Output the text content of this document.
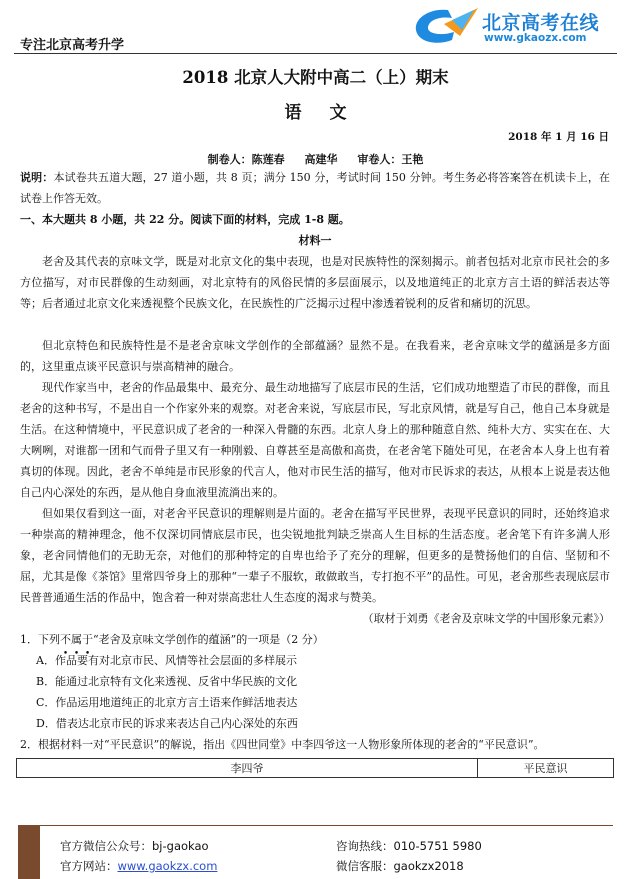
专注北京高考升学
北京高考在线
www.gkaozx.com
2018 北京人大附中高二（上）期末
语文
2018 年 1 月 16 日
制卷人：陈莲春 高建华 审卷人：王艳
说明：本试卷共五道大题，27 道小题，共 8 页；满分 150 分，考试时间 150 分钟。考生务必将答案答在机读卡上，在试卷上作答无效。
一、本大题共 8 小题，共 22 分。阅读下面的材料，完成 1-8 题。
材料一
老舍及其代表的京味文学，既是对北京文化的集中表现，也是对民族特性的深刻揭示。前者包括对北京市民社会的多方位描写，对市民群像的生动刻画，对北京特有的风俗民情的多层面展示，以及地道纯正的北京方言土语的鲜活表达等等；后者通过北京文化来透视整个民族文化，在民族性的广泛揭示过程中渗透着锐利的反省和痛切的沉思。
但北京特色和民族特性是不是老舍京味文学创作的全部蕴涵？显然不是。在我看来，老舍京味文学的蕴涵是多方面的，这里重点谈平民意识与崇高精神的融合。
现代作家当中，老舍的作品最集中、最充分、最生动地描写了底层市民的生活，它们成功地塑造了市民的群像，而且老舍的这种书写，不是出自一个作家外来的观察。对老舍来说，写底层市民，写北京风情，就是写自己，他自己本身就是生活。在这种情境中，平民意识成了老舍的一种深入骨髓的东西。北京人身上的那种随意自然、纯朴大方、实实在在、大大咧咧，对谁都一团和气而骨子里又有一种刚毅、自尊甚至是高傲和高贵，在老舍笔下随处可见，在老舍本人身上也有着真切的体现。因此，老舍不单纯是市民形象的代言人，他对市民生活的描写，他对市民诉求的表达，从根本上说是表达他自己内心深处的东西，是从他自身血液里流淌出来的。
但如果仅看到这一面，对老舍平民意识的理解则是片面的。老舍在描写平民世界，表现平民意识的同时，还始终追求一种崇高的精神理念，他不仅深切同情底层市民，也尖锐地批判缺乏崇高人生目标的生活态度。老舍笔下有许多满人形象，老舍同情他们的无助无奈，对他们的那种特定的自卑也给予了充分的理解，但更多的是赞扬他们的自信、坚韧和不屈，尤其是像《茶馆》里常四爷身上的那种“一辈子不服软，敢做敢当，专打抱不平”的品性。可见，老舍那些表现底层市民普普通通生活的作品中，饱含着一种对崇高悲壮人生态度的渴求与赞美。
（取材于刘勇《老舍及京味文学的中国形象元素》）
1．下列不属于“老舍及京味文学创作的蕴涵”的一项是（2 分）
A．作品要有对北京市民、风情等社会层面的多样展示
B．能通过北京特有文化来透视、反省中华民族的文化
C．作品运用地道纯正的北京方言土语来作鲜活地表达
D．借表达北京市民的诉求来表达自己内心深处的东西
2．根据材料一对“平民意识”的解说，指出《四世同堂》中李四爷这一人物形象所体现的老舍的“平民意识”。
李四爷	平民意识
官方微信公众号：bj-gaokao
官方网站：www.gaokzx.com
咨询热线：010-5751 5980
微信客服：gaokzx2018
